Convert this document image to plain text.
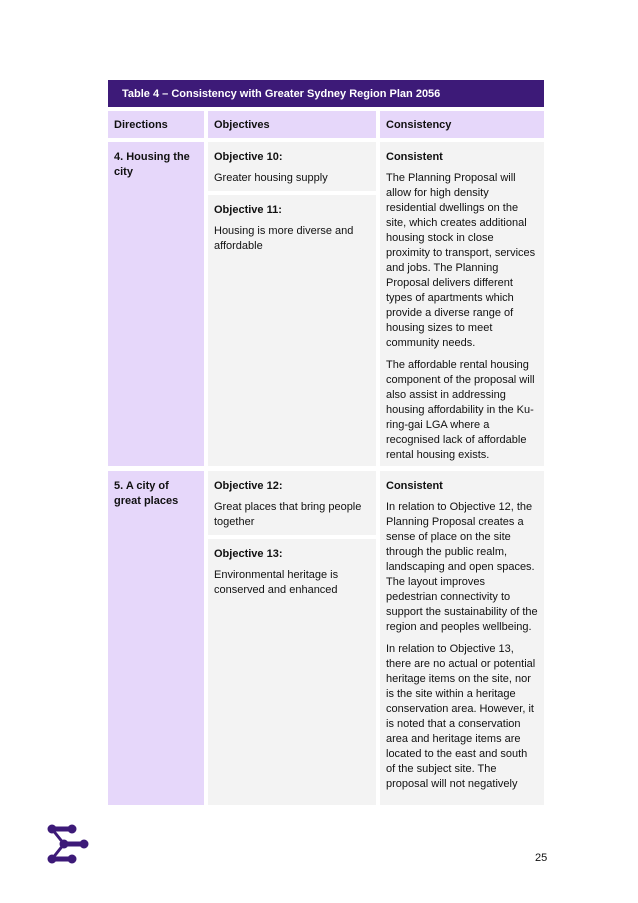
Table 4 – Consistency with Greater Sydney Region Plan 2056
Directions	Objectives	Consistency
4. Housing the city
Objective 10:
Greater housing supply
Objective 11:
Housing is more diverse and affordable
Consistent

The Planning Proposal will allow for high density residential dwellings on the site, which creates additional housing stock in close proximity to transport, services and jobs. The Planning Proposal delivers different types of apartments which provide a diverse range of housing sizes to meet community needs.

The affordable rental housing component of the proposal will also assist in addressing housing affordability in the Ku-ring-gai LGA where a recognised lack of affordable rental housing exists.

5. A city of great places
Objective 12:
Great places that bring people together
Objective 13:
Environmental heritage is conserved and enhanced
Consistent

In relation to Objective 12, the Planning Proposal creates a sense of place on the site through the public realm, landscaping and open spaces. The layout improves pedestrian connectivity to support the sustainability of the region and peoples wellbeing.

In relation to Objective 13, there are no actual or potential heritage items on the site, nor is the site within a heritage conservation area. However, it is noted that a conservation area and heritage items are located to the east and south of the subject site. The proposal will not negatively

25
